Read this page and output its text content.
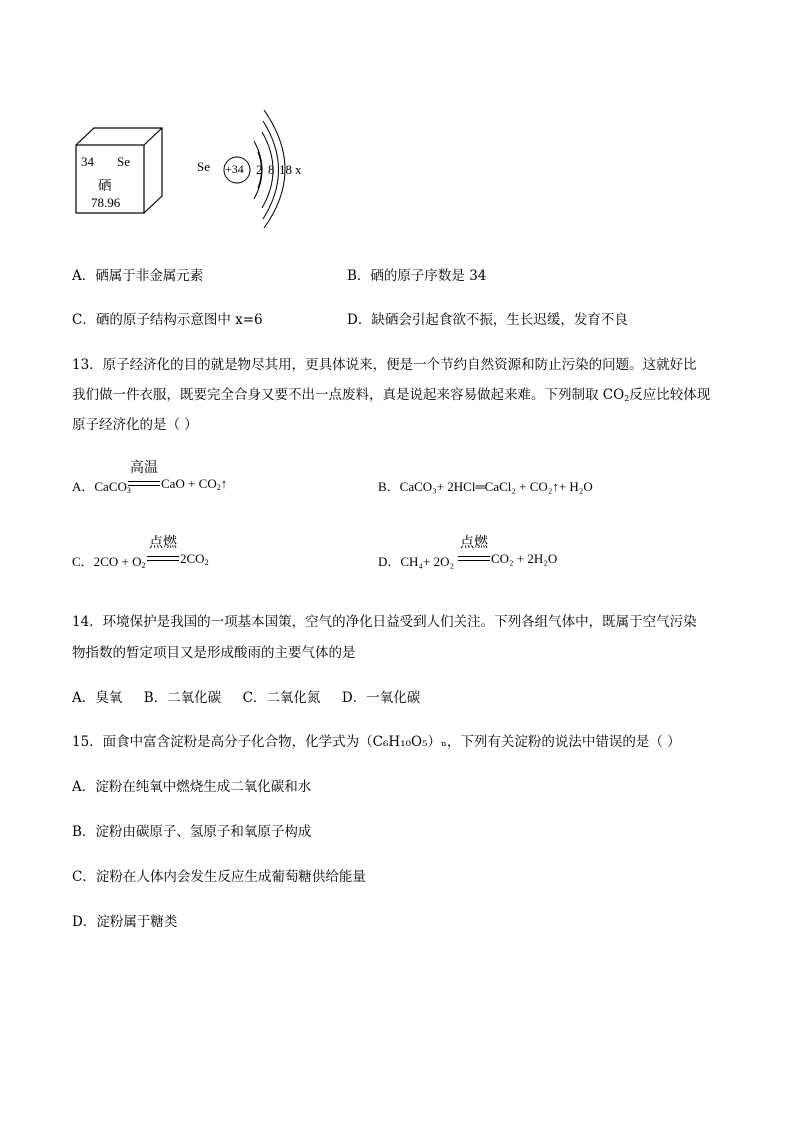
34 Se
硒
78.96
Se +34 2 8 18 x
A．硒属于非金属元素	B．硒的原子序数是 34
C．硒的原子结构示意图中 x=6	D．缺硒会引起食欲不振，生长迟缓，发育不良
13．原子经济化的目的就是物尽其用，更具体说来，便是一个节约自然资源和防止污染的问题。这就好比
我们做一件衣服，既要完全合身又要不出一点废料，真是说起来容易做起来难。下列制取 $CO_2$反应比较体现
原子经济化的是（ ）
A．CaCO$_3$
高温
CaO + $CO_2↑$	B．CaCO₃+ 2HCl═CaCl₂ + CO₂↑+ H₂O
C．$2CO + O_2$
点燃
$2CO_2$	D．CH₄+ 2O₂
点燃
CO₂ + 2H₂O
14．环境保护是我国的一项基本国策，空气的净化日益受到人们关注。下列各组气体中，既属于空气污染
物指数的暂定项目又是形成酸雨的主要气体的是
A．臭氧     B．二氧化碳     C．二氧化氮     D．一氧化碳
15．面食中富含淀粉是高分子化合物，化学式为（C₆H₁₀O₅）ₙ，下列有关淀粉的说法中错误的是（ ）
A．淀粉在纯氧中燃烧生成二氧化碳和水
B．淀粉由碳原子、氢原子和氧原子构成
C．淀粉在人体内会发生反应生成葡萄糖供给能量
D．淀粉属于糖类
